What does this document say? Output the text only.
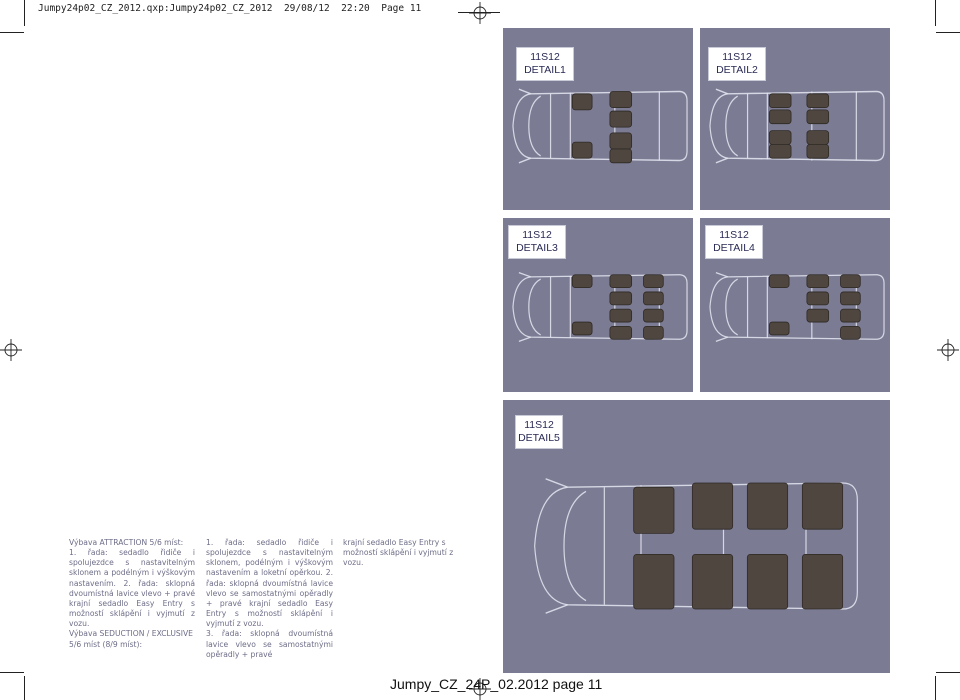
Jumpy24p02_CZ_2012.qxp:Jumpy24p02_CZ_2012 29/08/12 22:20 Page 11
11S12
DETAIL1
11S12
DETAIL2
11S12
DETAIL3
11S12
DETAIL4
11S12
DETAIL5

Výbava ATTRACTION 5/6 míst:

1. řada: sedadlo řidiče i spolujezdce s nastavitelným sklonem a podélným i výškovým nastavením. 2. řada: sklopná dvoumístná lavice vlevo + pravé krajní sedadlo Easy Entry s možností sklápění i vyjmutí z vozu.

Výbava SEDUCTION / EXCLUSIVE 5/6 míst (8/9 míst):

1. řada: sedadlo řidiče i spolujezdce s nastavitelným sklonem, podélným i výškovým nastavením a loketní opěrkou. 2. řada: sklopná dvoumístná lavice vlevo se samostatnými opěradly + pravé krajní sedadlo Easy Entry s možností sklápění i vyjmutí z vozu.

3. řada: sklopná dvoumístná lavice vlevo se samostatnými opěradly + pravé

krajní sedadlo Easy Entry s možností sklápění i vyjmutí z vozu.

Jumpy_CZ_24P_02.2012 page 11
